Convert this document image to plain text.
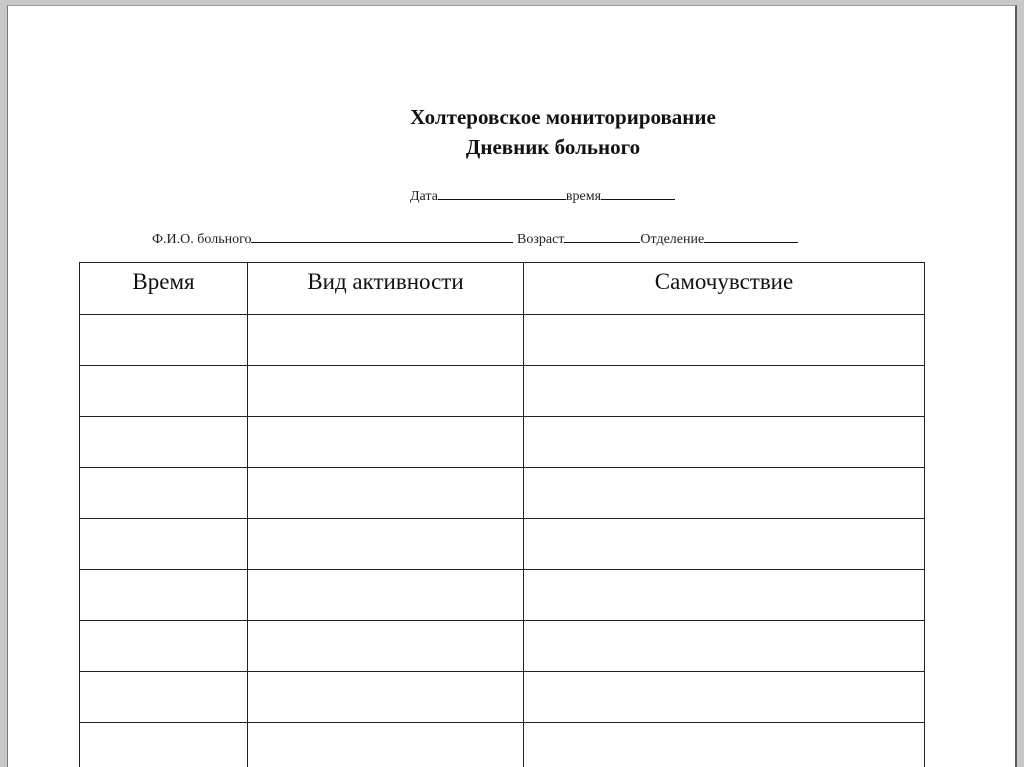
Холтеровское мониторирование
Дневник больного
Дата	время
Ф.И.О. больного	Возраст	Отделение
Время	Вид активности	Самочувствие
